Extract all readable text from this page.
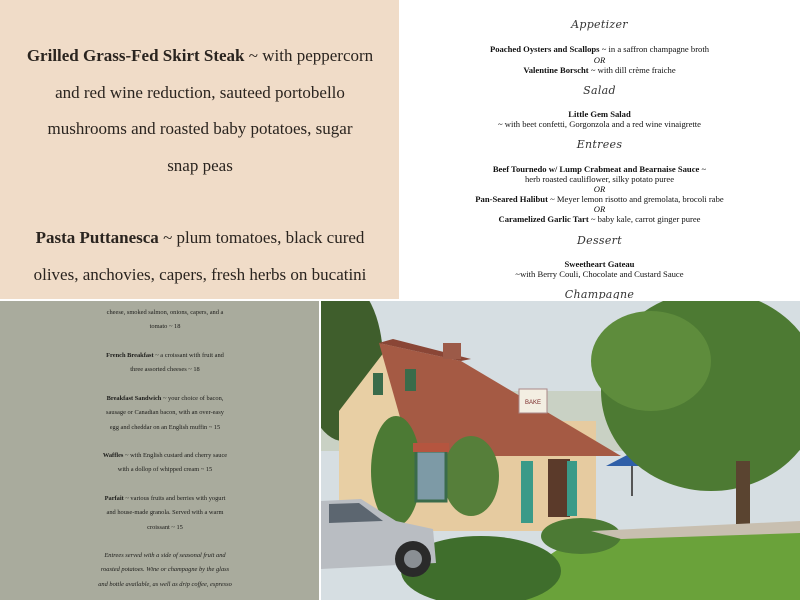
Grilled Grass-Fed Skirt Steak ~ with peppercorn
and red wine reduction, sauteed portobello
mushrooms and roasted baby potatoes, sugar
snap peas
Pasta Puttanesca ~ plum tomatoes, black cured
olives, anchovies, capers, fresh herbs on bucatini
Appetizer
Poached Oysters and Scallops ~ in a saffron champagne broth
OR
Valentine Borscht ~ with dill crème fraiche
Salad
Little Gem Salad
~ with beet confetti, Gorgonzola and a red wine vinaigrette
Entrees
Beef Tournedo w/ Lump Crabmeat and Bearnaise Sauce ~
herb roasted cauliflower, silky potato puree
OR
Pan-Seared Halibut ~ Meyer lemon risotto and gremolata, brocoli rabe
OR
Caramelized Garlic Tart ~ baby kale, carrot ginger puree
Dessert
Sweetheart Gateau
~with Berry Couli, Chocolate and Custard Sauce
Champagne
cheese, smoked salmon, onions, capers, and a
tomato ~ 18
French Breakfast ~ a croissant with fruit and
three assorted cheeses ~ 18
Breakfast Sandwich ~ your choice of bacon,
sausage or Canadian bacon, with an over-easy
egg and cheddar on an English muffin ~ 15
Waffles ~ with English custard and cherry sauce
with a dollop of whipped cream ~ 15
Parfait ~ various fruits and berries with yogurt
and house-made granola. Served with a warm
croissant ~ 15
Entrees served with a side of seasonal fruit and
roasted potatoes. Wine or champagne by the glass
and bottle available, as well as drip coffee, espresso
BAKE
